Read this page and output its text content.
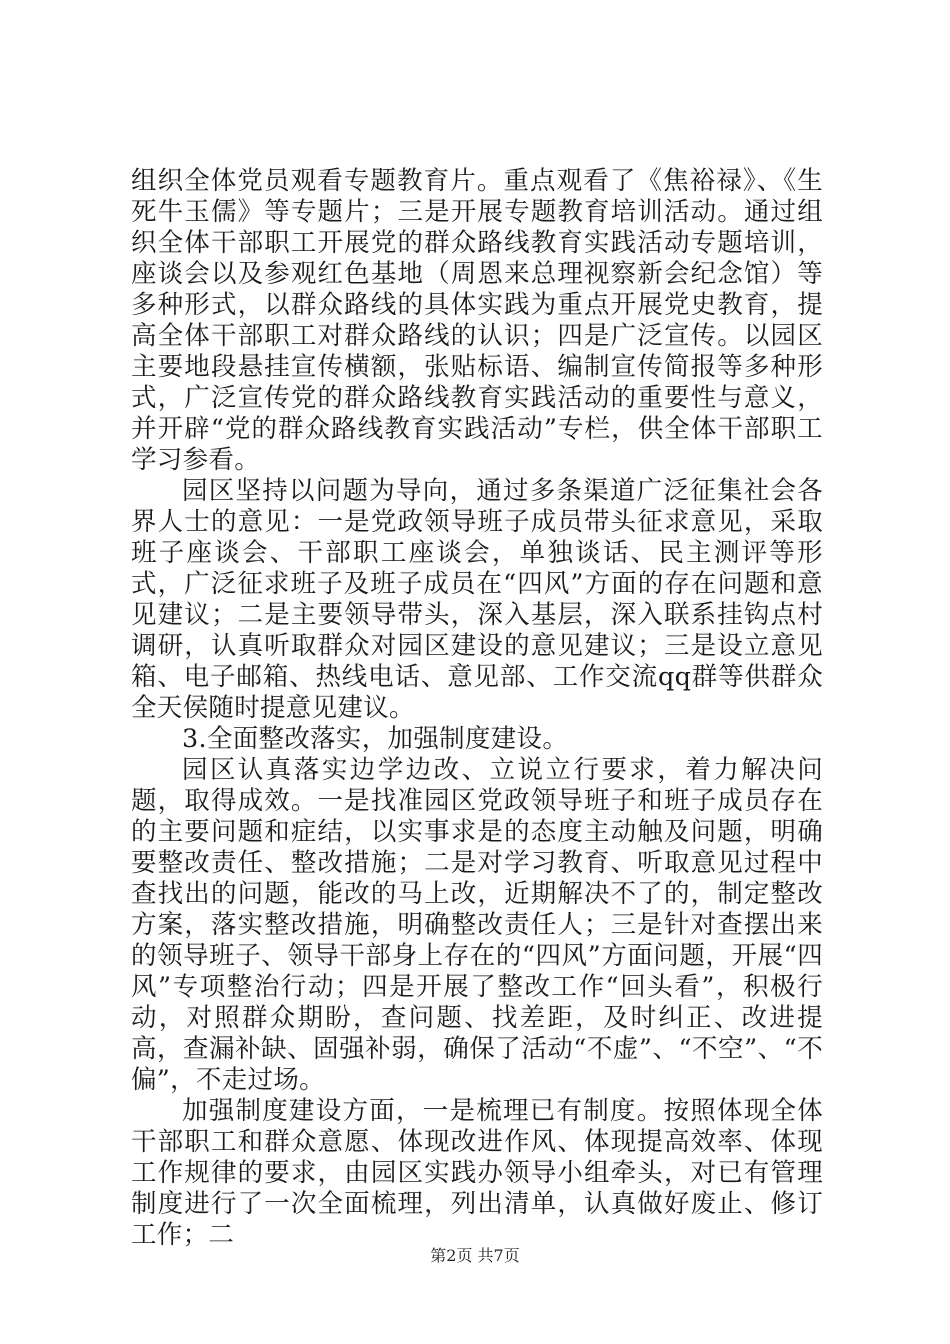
组织全体党员观看专题教育片。重点观看了《焦裕禄》、《生死牛玉儒》等专题片；三是开展专题教育培训活动。通过组织全体干部职工开展党的群众路线教育实践活动专题培训，座谈会以及参观红色基地（周恩来总理视察新会纪念馆）等多种形式，以群众路线的具体实践为重点开展党史教育，提高全体干部职工对群众路线的认识；四是广泛宣传。以园区主要地段悬挂宣传横额，张贴标语、编制宣传简报等多种形式，广泛宣传党的群众路线教育实践活动的重要性与意义，并开辟“党的群众路线教育实践活动”专栏，供全体干部职工学习参看。

园区坚持以问题为导向，通过多条渠道广泛征集社会各界人士的意见：一是党政领导班子成员带头征求意见，采取班子座谈会、干部职工座谈会，单独谈话、民主测评等形式，广泛征求班子及班子成员在“四风”方面的存在问题和意见建议；二是主要领导带头，深入基层，深入联系挂钩点村调研，认真听取群众对园区建设的意见建议；三是设立意见箱、电子邮箱、热线电话、意见部、工作交流qq群等供群众全天侯随时提意见建议。

3.全面整改落实，加强制度建设。

园区认真落实边学边改、立说立行要求，着力解决问题，取得成效。一是找准园区党政领导班子和班子成员存在的主要问题和症结，以实事求是的态度主动触及问题，明确要整改责任、整改措施；二是对学习教育、听取意见过程中查找出的问题，能改的马上改，近期解决不了的，制定整改方案，落实整改措施，明确整改责任人；三是针对查摆出来的领导班子、领导干部身上存在的“四风”方面问题，开展“四风”专项整治行动；四是开展了整改工作“回头看”，积极行动，对照群众期盼，查问题、找差距，及时纠正、改进提高，查漏补缺、固强补弱，确保了活动“不虚”、“不空”、“不偏”，不走过场。

加强制度建设方面，一是梳理已有制度。按照体现全体干部职工和群众意愿、体现改进作风、体现提高效率、体现工作规律的要求，由园区实践办领导小组牵头，对已有管理制度进行了一次全面梳理，列出清单，认真做好废止、修订工作；二

第2页 共7页
